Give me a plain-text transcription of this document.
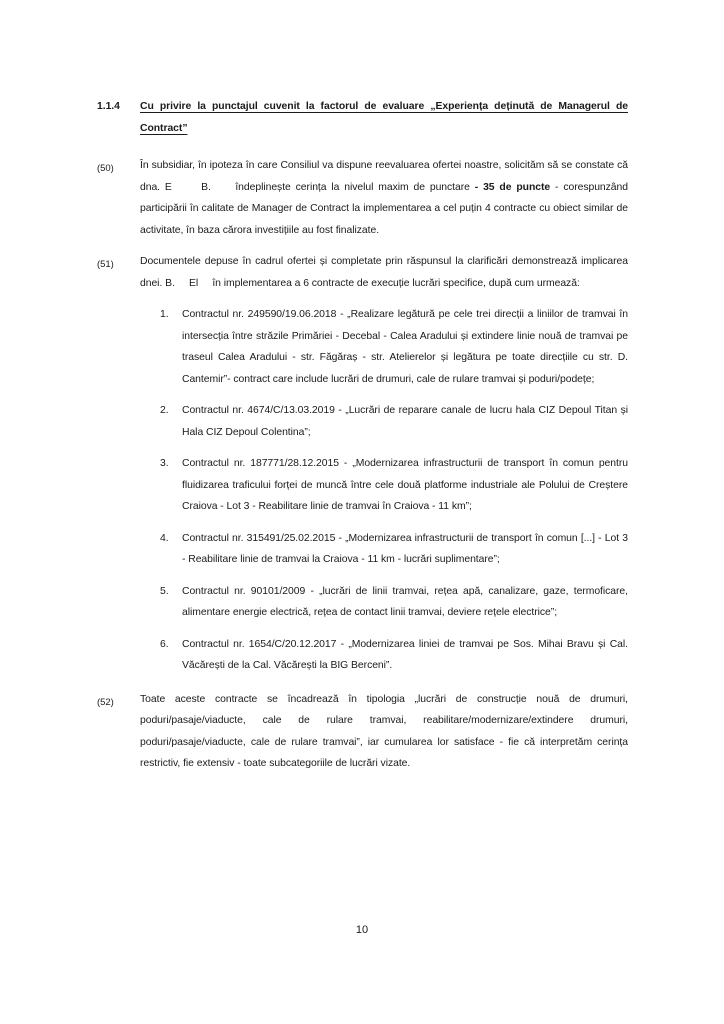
1.1.4	Cu privire la punctajul cuvenit la factorul de evaluare „Experiența deținută de Managerul de Contract”
(50)	În subsidiar, în ipoteza în care Consiliul va dispune reevaluarea ofertei noastre, solicităm să se constate că dna. E      B.     îndeplinește cerința la nivelul maxim de punctare - 35 de puncte - corespunzând participării în calitate de Manager de Contract la implementarea a cel puțin 4 contracte cu obiect similar de activitate, în baza cărora investițiile au fost finalizate.
(51)	Documentele depuse în cadrul ofertei și completate prin răspunsul la clarificări demonstrează implicarea dnei. B.     El     în implementarea a 6 contracte de execuție lucrări specifice, după cum urmează:
1.	Contractul nr. 249590/19.06.2018 - „Realizare legătură pe cele trei direcții a liniilor de tramvai în intersecția între străzile Primăriei - Decebal - Calea Aradului și extindere linie nouă de tramvai pe traseul Calea Aradului - str. Făgăraș - str. Atelierelor și legătura pe toate direcțiile cu str. D. Cantemir”- contract care include lucrări de drumuri, cale de rulare tramvai și poduri/podețe;
2.	Contractul nr. 4674/C/13.03.2019 - „Lucrări de reparare canale de lucru hala CIZ Depoul Titan și Hala CIZ Depoul Colentina”;
3.	Contractul nr. 187771/28.12.2015 - „Modernizarea infrastructurii de transport în comun pentru fluidizarea traficului forței de muncă între cele două platforme industriale ale Polului de Creștere Craiova - Lot 3 - Reabilitare linie de tramvai în Craiova - 11 km”;
4.	Contractul nr. 315491/25.02.2015 - „Modernizarea infrastructurii de transport în comun [...] - Lot 3 - Reabilitare linie de tramvai la Craiova - 11 km - lucrări suplimentare”;
5.	Contractul nr. 90101/2009 - „lucrări de linii tramvai, rețea apă, canalizare, gaze, termoficare, alimentare energie electrică, rețea de contact linii tramvai, deviere rețele electrice”;
6.	Contractul nr. 1654/C/20.12.2017 - „Modernizarea liniei de tramvai pe Sos. Mihai Bravu și Cal. Văcărești de la Cal. Văcărești la BIG Berceni”.
(52)	Toate aceste contracte se încadrează în tipologia „lucrări de construcție nouă de drumuri, poduri/pasaje/viaducte, cale de rulare tramvai, reabilitare/modernizare/extindere drumuri, poduri/pasaje/viaducte, cale de rulare tramvai”, iar cumularea lor satisface - fie că interpretăm cerința restrictiv, fie extensiv - toate subcategoriile de lucrări vizate.
10
